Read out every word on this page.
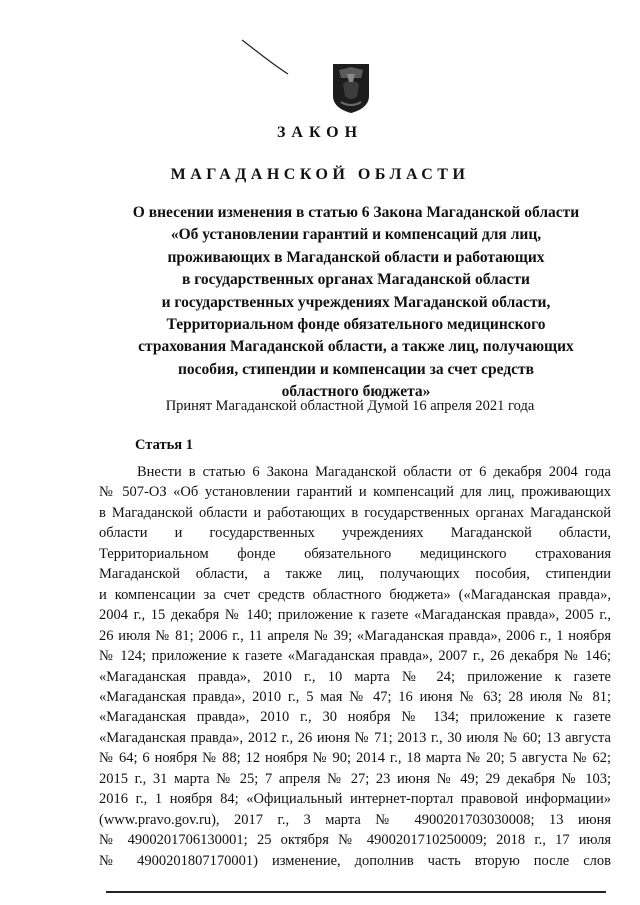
ЗАКОН
МАГАДАНСКОЙ ОБЛАСТИ
О внесении изменения в статью 6 Закона Магаданской области
«Об установлении гарантий и компенсаций для лиц,
проживающих в Магаданской области и работающих
в государственных органах Магаданской области
и государственных учреждениях Магаданской области,
Территориальном фонде обязательного медицинского
страхования Магаданской области, а также лиц, получающих
пособия, стипендии и компенсации за счет средств
областного бюджета»
Принят Магаданской областной Думой 16 апреля 2021 года
Статья 1
Внести в статью 6 Закона Магаданской области от 6 декабря 2004 года
№ 507-ОЗ «Об установлении гарантий и компенсаций для лиц, проживающих
в Магаданской области и работающих в государственных органах Магаданской
области и государственных учреждениях Магаданской области,
Территориальном фонде обязательного медицинского страхования
Магаданской области, а также лиц, получающих пособия, стипендии
и компенсации за счет средств областного бюджета» («Магаданская правда»,
2004 г., 15 декабря № 140; приложение к газете «Магаданская правда», 2005 г.,
26 июля № 81; 2006 г., 11 апреля № 39; «Магаданская правда», 2006 г., 1 ноября
№ 124; приложение к газете «Магаданская правда», 2007 г., 26 декабря № 146;
«Магаданская правда», 2010 г., 10 марта № 24; приложение к газете
«Магаданская правда», 2010 г., 5 мая № 47; 16 июня № 63; 28 июля № 81;
«Магаданская правда», 2010 г., 30 ноября № 134; приложение к газете
«Магаданская правда», 2012 г., 26 июня № 71; 2013 г., 30 июля № 60; 13 августа
№ 64; 6 ноября № 88; 12 ноября № 90; 2014 г., 18 марта № 20; 5 августа № 62;
2015 г., 31 марта № 25; 7 апреля № 27; 23 июня № 49; 29 декабря № 103;
2016 г., 1 ноября 84; «Официальный интернет-портал правовой информации»
(www.pravo.gov.ru), 2017 г., 3 марта № 4900201703030008; 13 июня
№ 4900201706130001; 25 октября № 4900201710250009; 2018 г., 17 июля
№ 4900201807170001) изменение, дополнив часть вторую после слов
